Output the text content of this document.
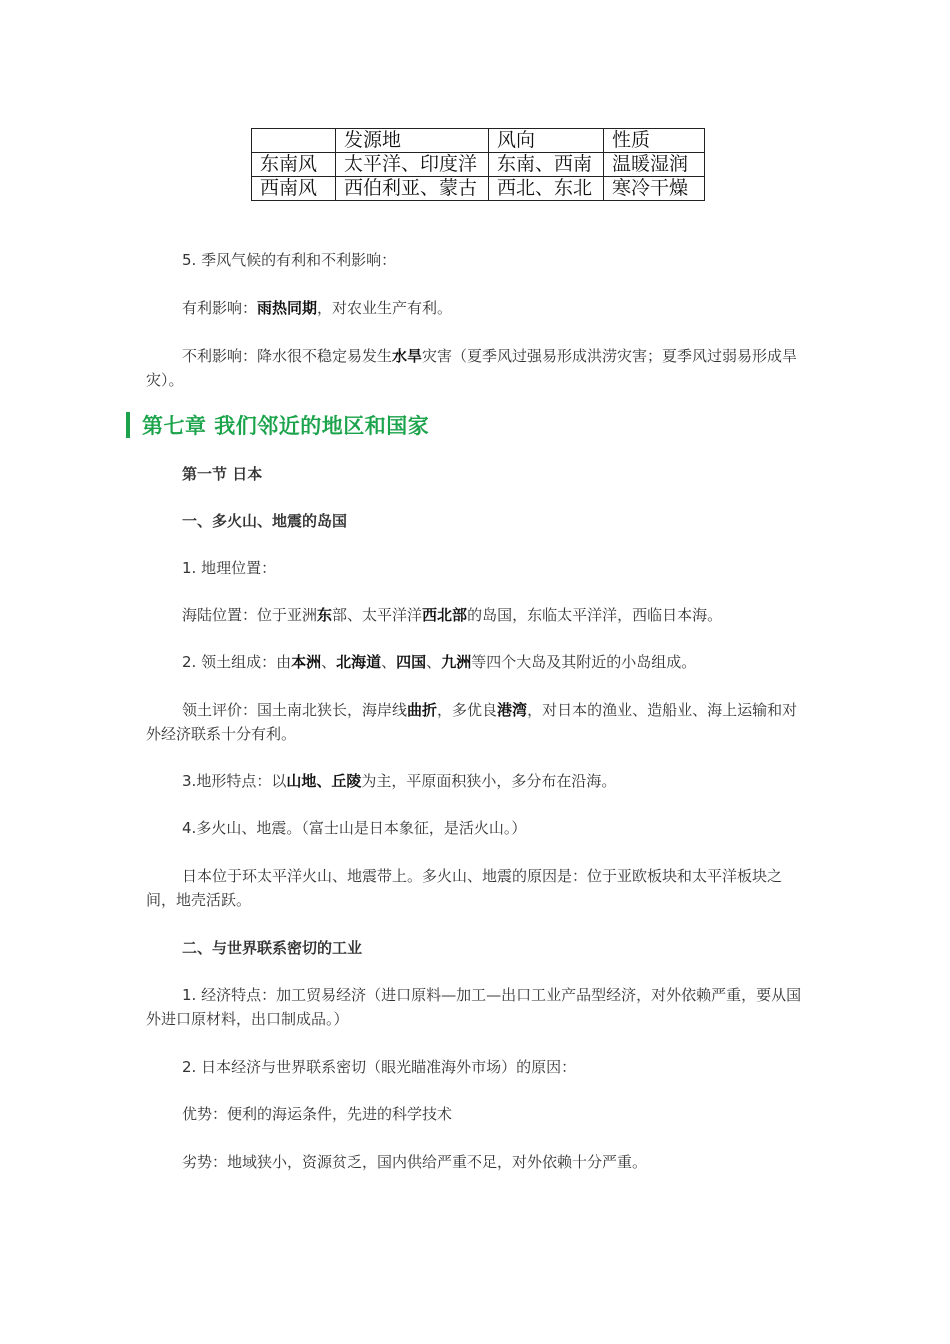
	发源地	风向	性质
东南风	太平洋、印度洋	东南、西南	温暖湿润
西南风	西伯利亚、蒙古	西北、东北	寒冷干燥

5. 季风气候的有利和不利影响：

有利影响：雨热同期，对农业生产有利。

不利影响：降水很不稳定易发生水旱灾害（夏季风过强易形成洪涝灾害；夏季风过弱易形成旱灾）。

第七章 我们邻近的地区和国家
第一节 日本
一、多火山、地震的岛国

1. 地理位置：

海陆位置：位于亚洲东部、太平洋洋西北部的岛国，东临太平洋洋，西临日本海。

2. 领土组成：由本洲、北海道、四国、九洲等四个大岛及其附近的小岛组成。

领土评价：国土南北狭长，海岸线曲折，多优良港湾，对日本的渔业、造船业、海上运输和对外经济联系十分有利。

3.地形特点：以山地、丘陵为主，平原面积狭小，多分布在沿海。

4.多火山、地震。（富士山是日本象征，是活火山。）

日本位于环太平洋火山、地震带上。多火山、地震的原因是：位于亚欧板块和太平洋板块之间，地壳活跃。

二、与世界联系密切的工业

1. 经济特点：加工贸易经济（进口原料—加工—出口工业产品型经济，对外依赖严重，要从国外进口原材料，出口制成品。）

2. 日本经济与世界联系密切（眼光瞄准海外市场）的原因：

优势：便利的海运条件，先进的科学技术

劣势：地域狭小，资源贫乏，国内供给严重不足，对外依赖十分严重。
